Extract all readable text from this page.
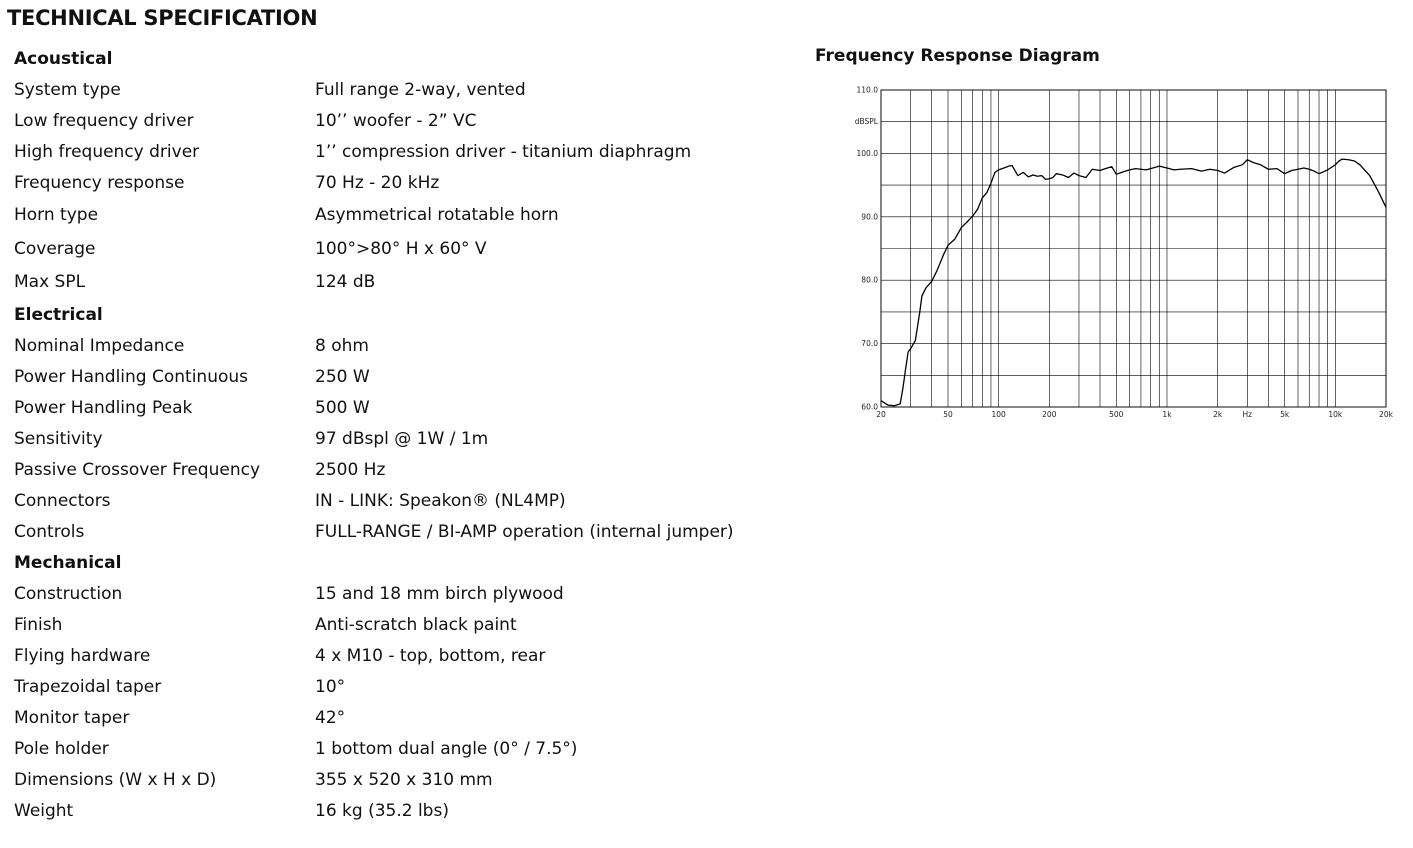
TECHNICAL SPECIFICATION
Acoustical
System type	Full range 2-way, vented
Low frequency driver	10’’ woofer - 2” VC
High frequency driver	1’’ compression driver - titanium diaphragm
Frequency response	70 Hz - 20 kHz
Horn type	Asymmetrical rotatable horn
Coverage	100°>80° H x 60° V
Max SPL	124 dB
Electrical
Nominal Impedance	8 ohm
Power Handling Continuous	250 W
Power Handling Peak	500 W
Sensitivity	97 dBspl @ 1W / 1m
Passive Crossover Frequency	2500 Hz
Connectors	IN - LINK: Speakon® (NL4MP)
Controls	FULL-RANGE / BI-AMP operation (internal jumper)
Mechanical
Construction	15 and 18 mm birch plywood
Finish	Anti-scratch black paint
Flying hardware	4 x M10 - top, bottom, rear
Trapezoidal taper	10°
Monitor taper	42°
Pole holder	1 bottom dual angle (0° / 7.5°)
Dimensions (W x H x D)	355 x 520 x 310 mm
Weight	16 kg (35.2 lbs)
Frequency Response Diagram
60.0
70.0
80.0
90.0
100.0
110.0
dBSPL
20	50	100	200	500	1k	2k	5k	10k	20k
Hz
